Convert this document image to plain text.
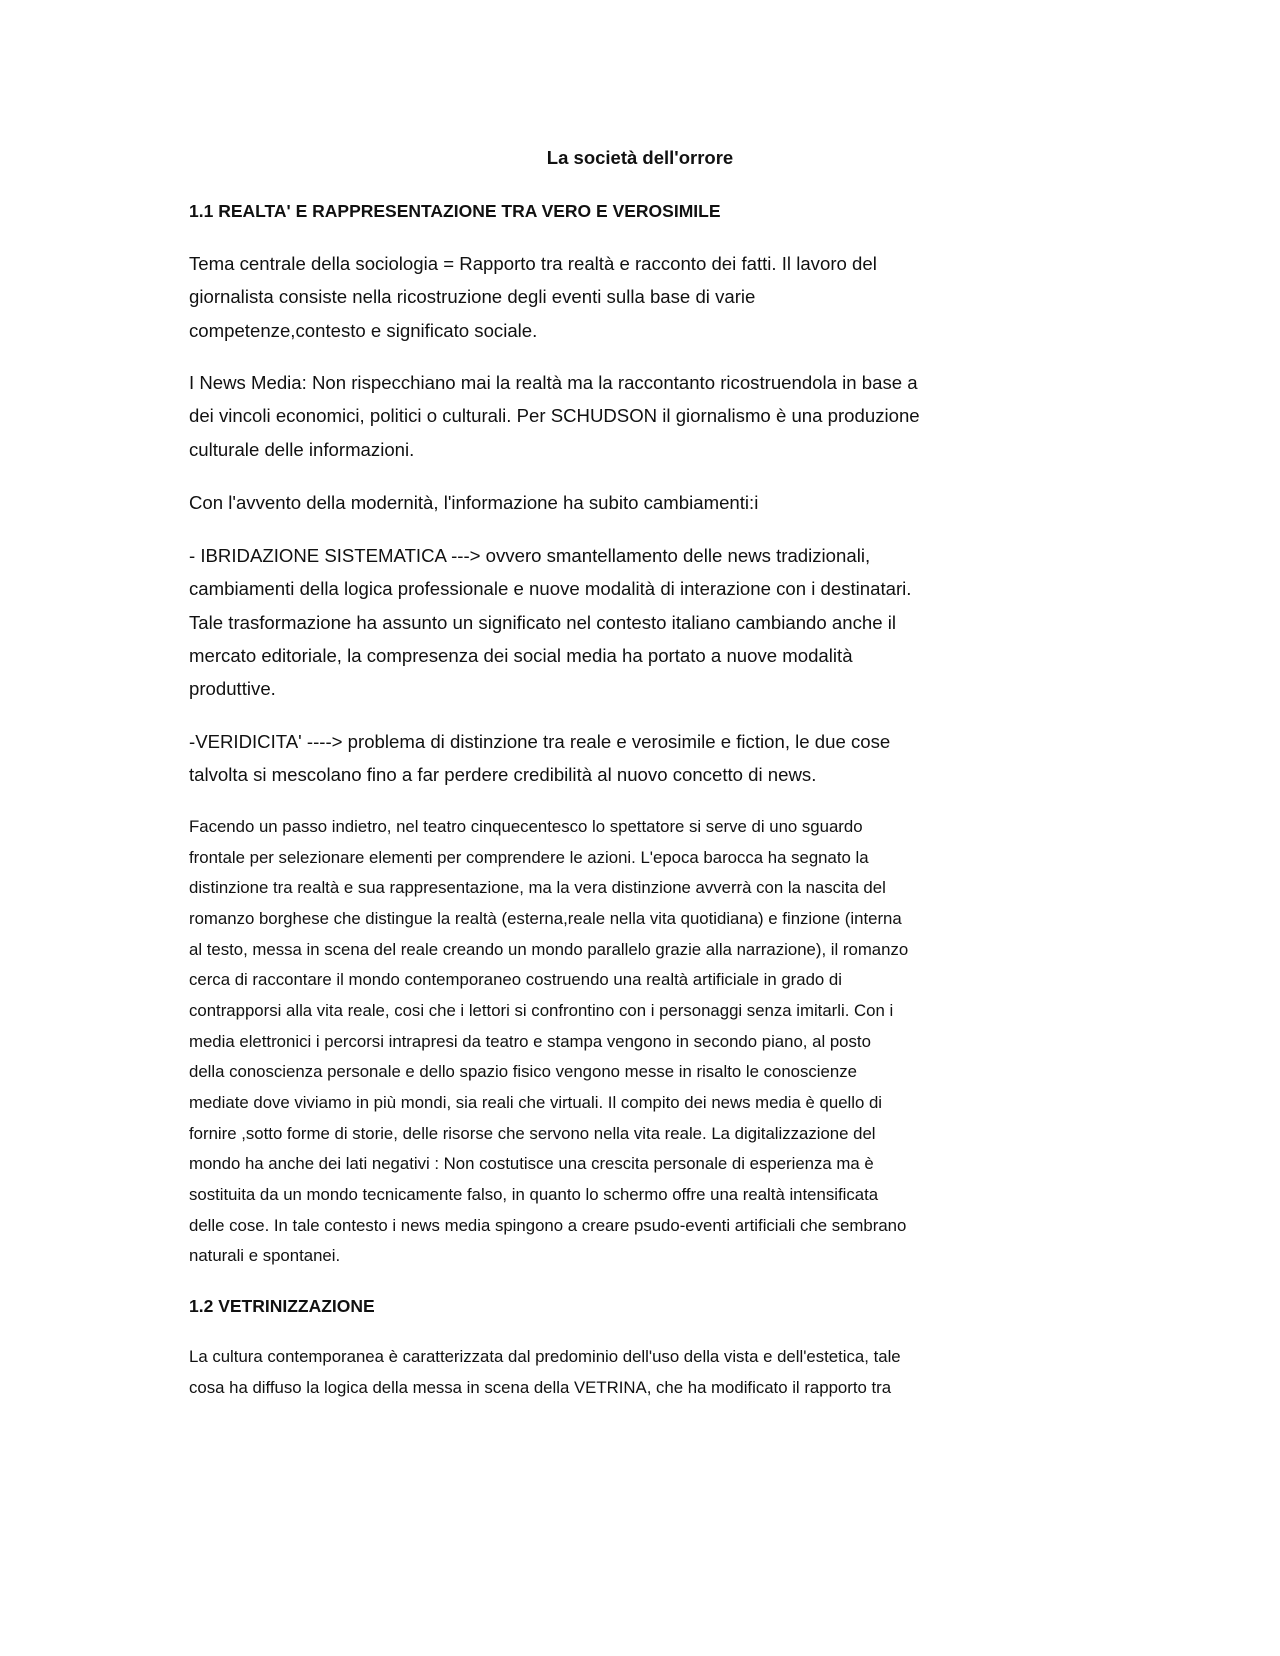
La società dell'orrore
1.1 REALTA' E RAPPRESENTAZIONE TRA VERO E VEROSIMILE
Tema centrale della sociologia = Rapporto tra realtà e racconto dei fatti. Il lavoro del
giornalista consiste nella ricostruzione degli eventi sulla base di varie
competenze,contesto e significato sociale.
I News Media: Non rispecchiano mai la realtà ma la raccontanto ricostruendola in base a
dei vincoli economici, politici o culturali. Per SCHUDSON il giornalismo è una produzione
culturale delle informazioni.
Con l'avvento della modernità, l'informazione ha subito cambiamenti:i
- IBRIDAZIONE SISTEMATICA ---> ovvero smantellamento delle news tradizionali,
cambiamenti della logica professionale e nuove modalità di interazione con i destinatari.
Tale trasformazione ha assunto un significato nel contesto italiano cambiando anche il
mercato editoriale, la compresenza dei social media ha portato a nuove modalità
produttive.
-VERIDICITA' ----> problema di distinzione tra reale e verosimile e fiction, le due cose
talvolta si mescolano fino a far perdere credibilità al nuovo concetto di news.
Facendo un passo indietro, nel teatro cinquecentesco lo spettatore si serve di uno sguardo
frontale per selezionare elementi per comprendere le azioni. L'epoca barocca ha segnato la
distinzione tra realtà e sua rappresentazione, ma la vera distinzione avverrà con la nascita del
romanzo borghese che distingue la realtà (esterna,reale nella vita quotidiana) e finzione (interna
al testo, messa in scena del reale creando un mondo parallelo grazie alla narrazione), il romanzo
cerca di raccontare il mondo contemporaneo costruendo una realtà artificiale in grado di
contrapporsi alla vita reale, cosi che i lettori si confrontino con i personaggi senza imitarli. Con i
media elettronici i percorsi intrapresi da teatro e stampa vengono in secondo piano, al posto
della conoscienza personale e dello spazio fisico vengono messe in risalto le conoscienze
mediate dove viviamo in più mondi, sia reali che virtuali. Il compito dei news media è quello di
fornire ,sotto forme di storie, delle risorse che servono nella vita reale. La digitalizzazione del
mondo ha anche dei lati negativi : Non costutisce una crescita personale di esperienza ma è
sostituita da un mondo tecnicamente falso, in quanto lo schermo offre una realtà intensificata
delle cose. In tale contesto i news media spingono a creare psudo-eventi artificiali che sembrano
naturali e spontanei.
1.2 VETRINIZZAZIONE
La cultura contemporanea è caratterizzata dal predominio dell'uso della vista e dell'estetica, tale
cosa ha diffuso la logica della messa in scena della VETRINA, che ha modificato il rapporto tra
